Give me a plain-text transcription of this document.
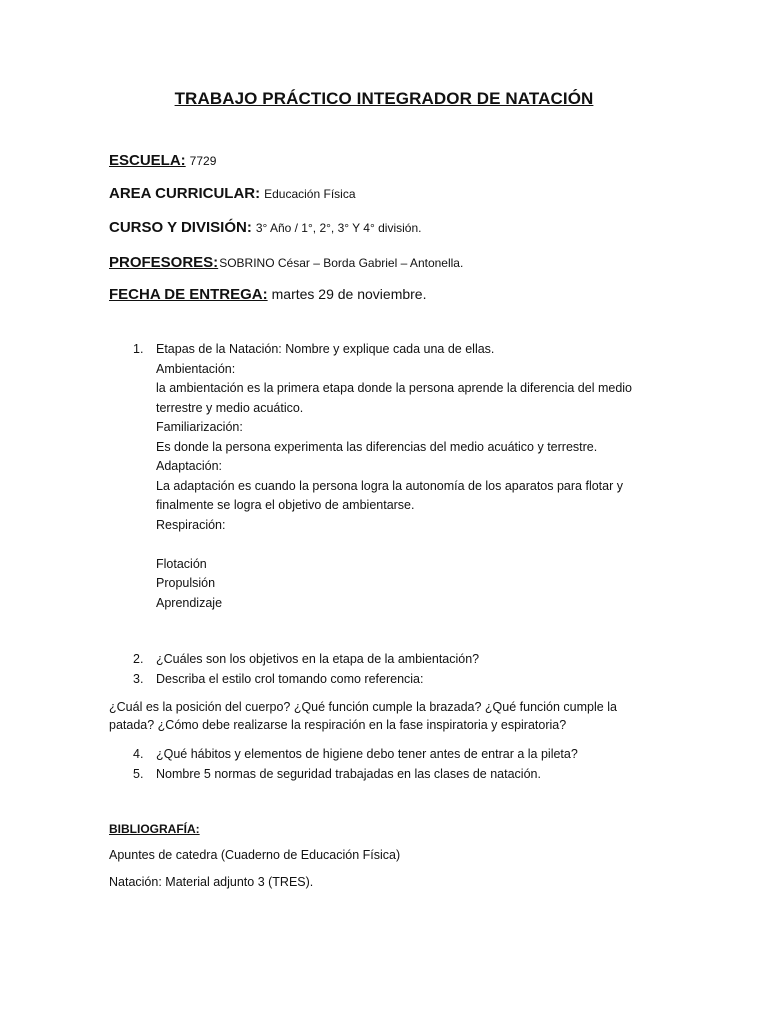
TRABAJO PRÁCTICO INTEGRADOR DE NATACIÓN
ESCUELA: 7729
AREA CURRICULAR: Educación Física
CURSO Y DIVISIÓN: 3° Año / 1°, 2°, 3° Y 4° división.
PROFESORES:SOBRINO César – Borda Gabriel – Antonella.
FECHA DE ENTREGA: martes 29 de noviembre.
1. Etapas de la Natación: Nombre y explique cada una de ellas.
Ambientación:
la ambientación es la primera etapa donde la persona aprende la diferencia del medio terrestre y medio acuático.
Familiarización:
Es donde la persona experimenta las diferencias del medio acuático y terrestre.
Adaptación:
La adaptación es cuando la persona logra la autonomía de los aparatos para flotar y finalmente se logra el objetivo de ambientarse.
Respiración:

Flotación
Propulsión
Aprendizaje
2. ¿Cuáles son los objetivos en la etapa de la ambientación?
3. Describa el estilo crol tomando como referencia:
¿Cuál es la posición del cuerpo? ¿Qué función cumple la brazada? ¿Qué función cumple la patada? ¿Cómo debe realizarse la respiración en la fase inspiratoria y espiratoria?
4. ¿Qué hábitos y elementos de higiene debo tener antes de entrar a la pileta?
5. Nombre 5 normas de seguridad trabajadas en las clases de natación.
BIBLIOGRAFÍA:
Apuntes de catedra (Cuaderno de Educación Física)
Natación: Material adjunto 3 (TRES).
